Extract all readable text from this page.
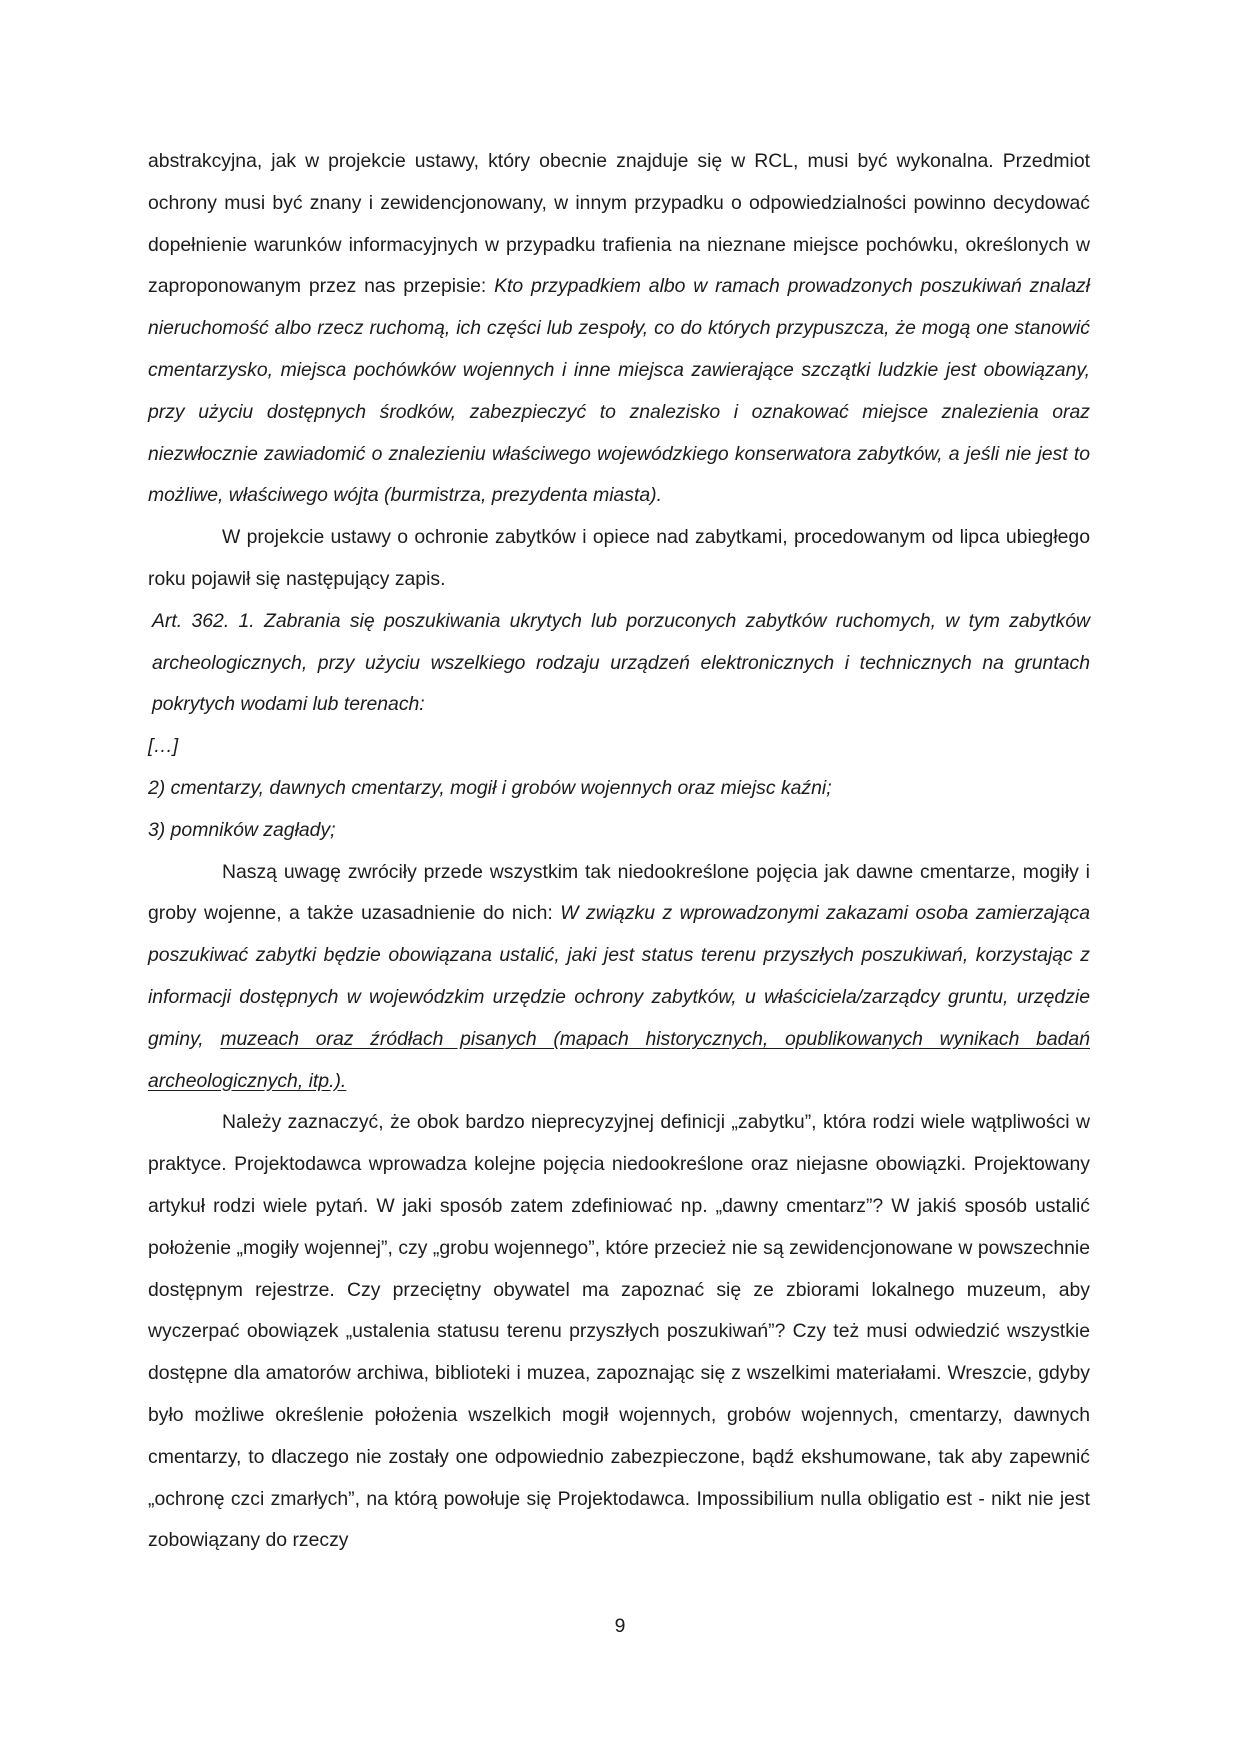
abstrakcyjna, jak w projekcie ustawy, który obecnie znajduje się w RCL, musi być wykonalna. Przedmiot ochrony musi być znany i zewidencjonowany, w innym przypadku o odpowiedzialności powinno decydować dopełnienie warunków informacyjnych w przypadku trafienia na nieznane miejsce pochówku, określonych w zaproponowanym przez nas przepisie: Kto przypadkiem albo w ramach prowadzonych poszukiwań znalazł nieruchomość albo rzecz ruchomą, ich części lub zespoły, co do których przypuszcza, że mogą one stanowić cmentarzysko, miejsca pochówków wojennych i inne miejsca zawierające szczątki ludzkie jest obowiązany, przy użyciu dostępnych środków, zabezpieczyć to znalezisko i oznakować miejsce znalezienia oraz niezwłocznie zawiadomić o znalezieniu właściwego wojewódzkiego konserwatora zabytków, a jeśli nie jest to możliwe, właściwego wójta (burmistrza, prezydenta miasta).

W projekcie ustawy o ochronie zabytków i opiece nad zabytkami, procedowanym od lipca ubiegłego roku pojawił się następujący zapis.

Art. 362. 1. Zabrania się poszukiwania ukrytych lub porzuconych zabytków ruchomych, w tym zabytków archeologicznych, przy użyciu wszelkiego rodzaju urządzeń elektronicznych i technicznych na gruntach pokrytych wodami lub terenach:

[…]

2) cmentarzy, dawnych cmentarzy, mogił i grobów wojennych oraz miejsc kaźni;

3) pomników zagłady;

Naszą uwagę zwróciły przede wszystkim tak niedookreślone pojęcia jak dawne cmentarze, mogiły i groby wojenne, a także uzasadnienie do nich: W związku z wprowadzonymi zakazami osoba zamierzająca poszukiwać zabytki będzie obowiązana ustalić, jaki jest status terenu przyszłych poszukiwań, korzystając z informacji dostępnych w wojewódzkim urzędzie ochrony zabytków, u właściciela/zarządcy gruntu, urzędzie gminy, muzeach oraz źródłach pisanych (mapach historycznych, opublikowanych wynikach badań archeologicznych, itp.).

Należy zaznaczyć, że obok bardzo nieprecyzyjnej definicji „zabytku”, która rodzi wiele wątpliwości w praktyce. Projektodawca wprowadza kolejne pojęcia niedookreślone oraz niejasne obowiązki. Projektowany artykuł rodzi wiele pytań. W jaki sposób zatem zdefiniować np. „dawny cmentarz”? W jakiś sposób ustalić położenie „mogiły wojennej”, czy „grobu wojennego”, które przecież nie są zewidencjonowane w powszechnie dostępnym rejestrze. Czy przeciętny obywatel ma zapoznać się ze zbiorami lokalnego muzeum, aby wyczerpać obowiązek „ustalenia statusu terenu przyszłych poszukiwań”? Czy też musi odwiedzić wszystkie dostępne dla amatorów archiwa, biblioteki i muzea, zapoznając się z wszelkimi materiałami. Wreszcie, gdyby było możliwe określenie położenia wszelkich mogił wojennych, grobów wojennych, cmentarzy, dawnych cmentarzy, to dlaczego nie zostały one odpowiednio zabezpieczone, bądź ekshumowane, tak aby zapewnić „ochronę czci zmarłych”, na którą powołuje się Projektodawca. Impossibilium nulla obligatio est - nikt nie jest zobowiązany do rzeczy

9
